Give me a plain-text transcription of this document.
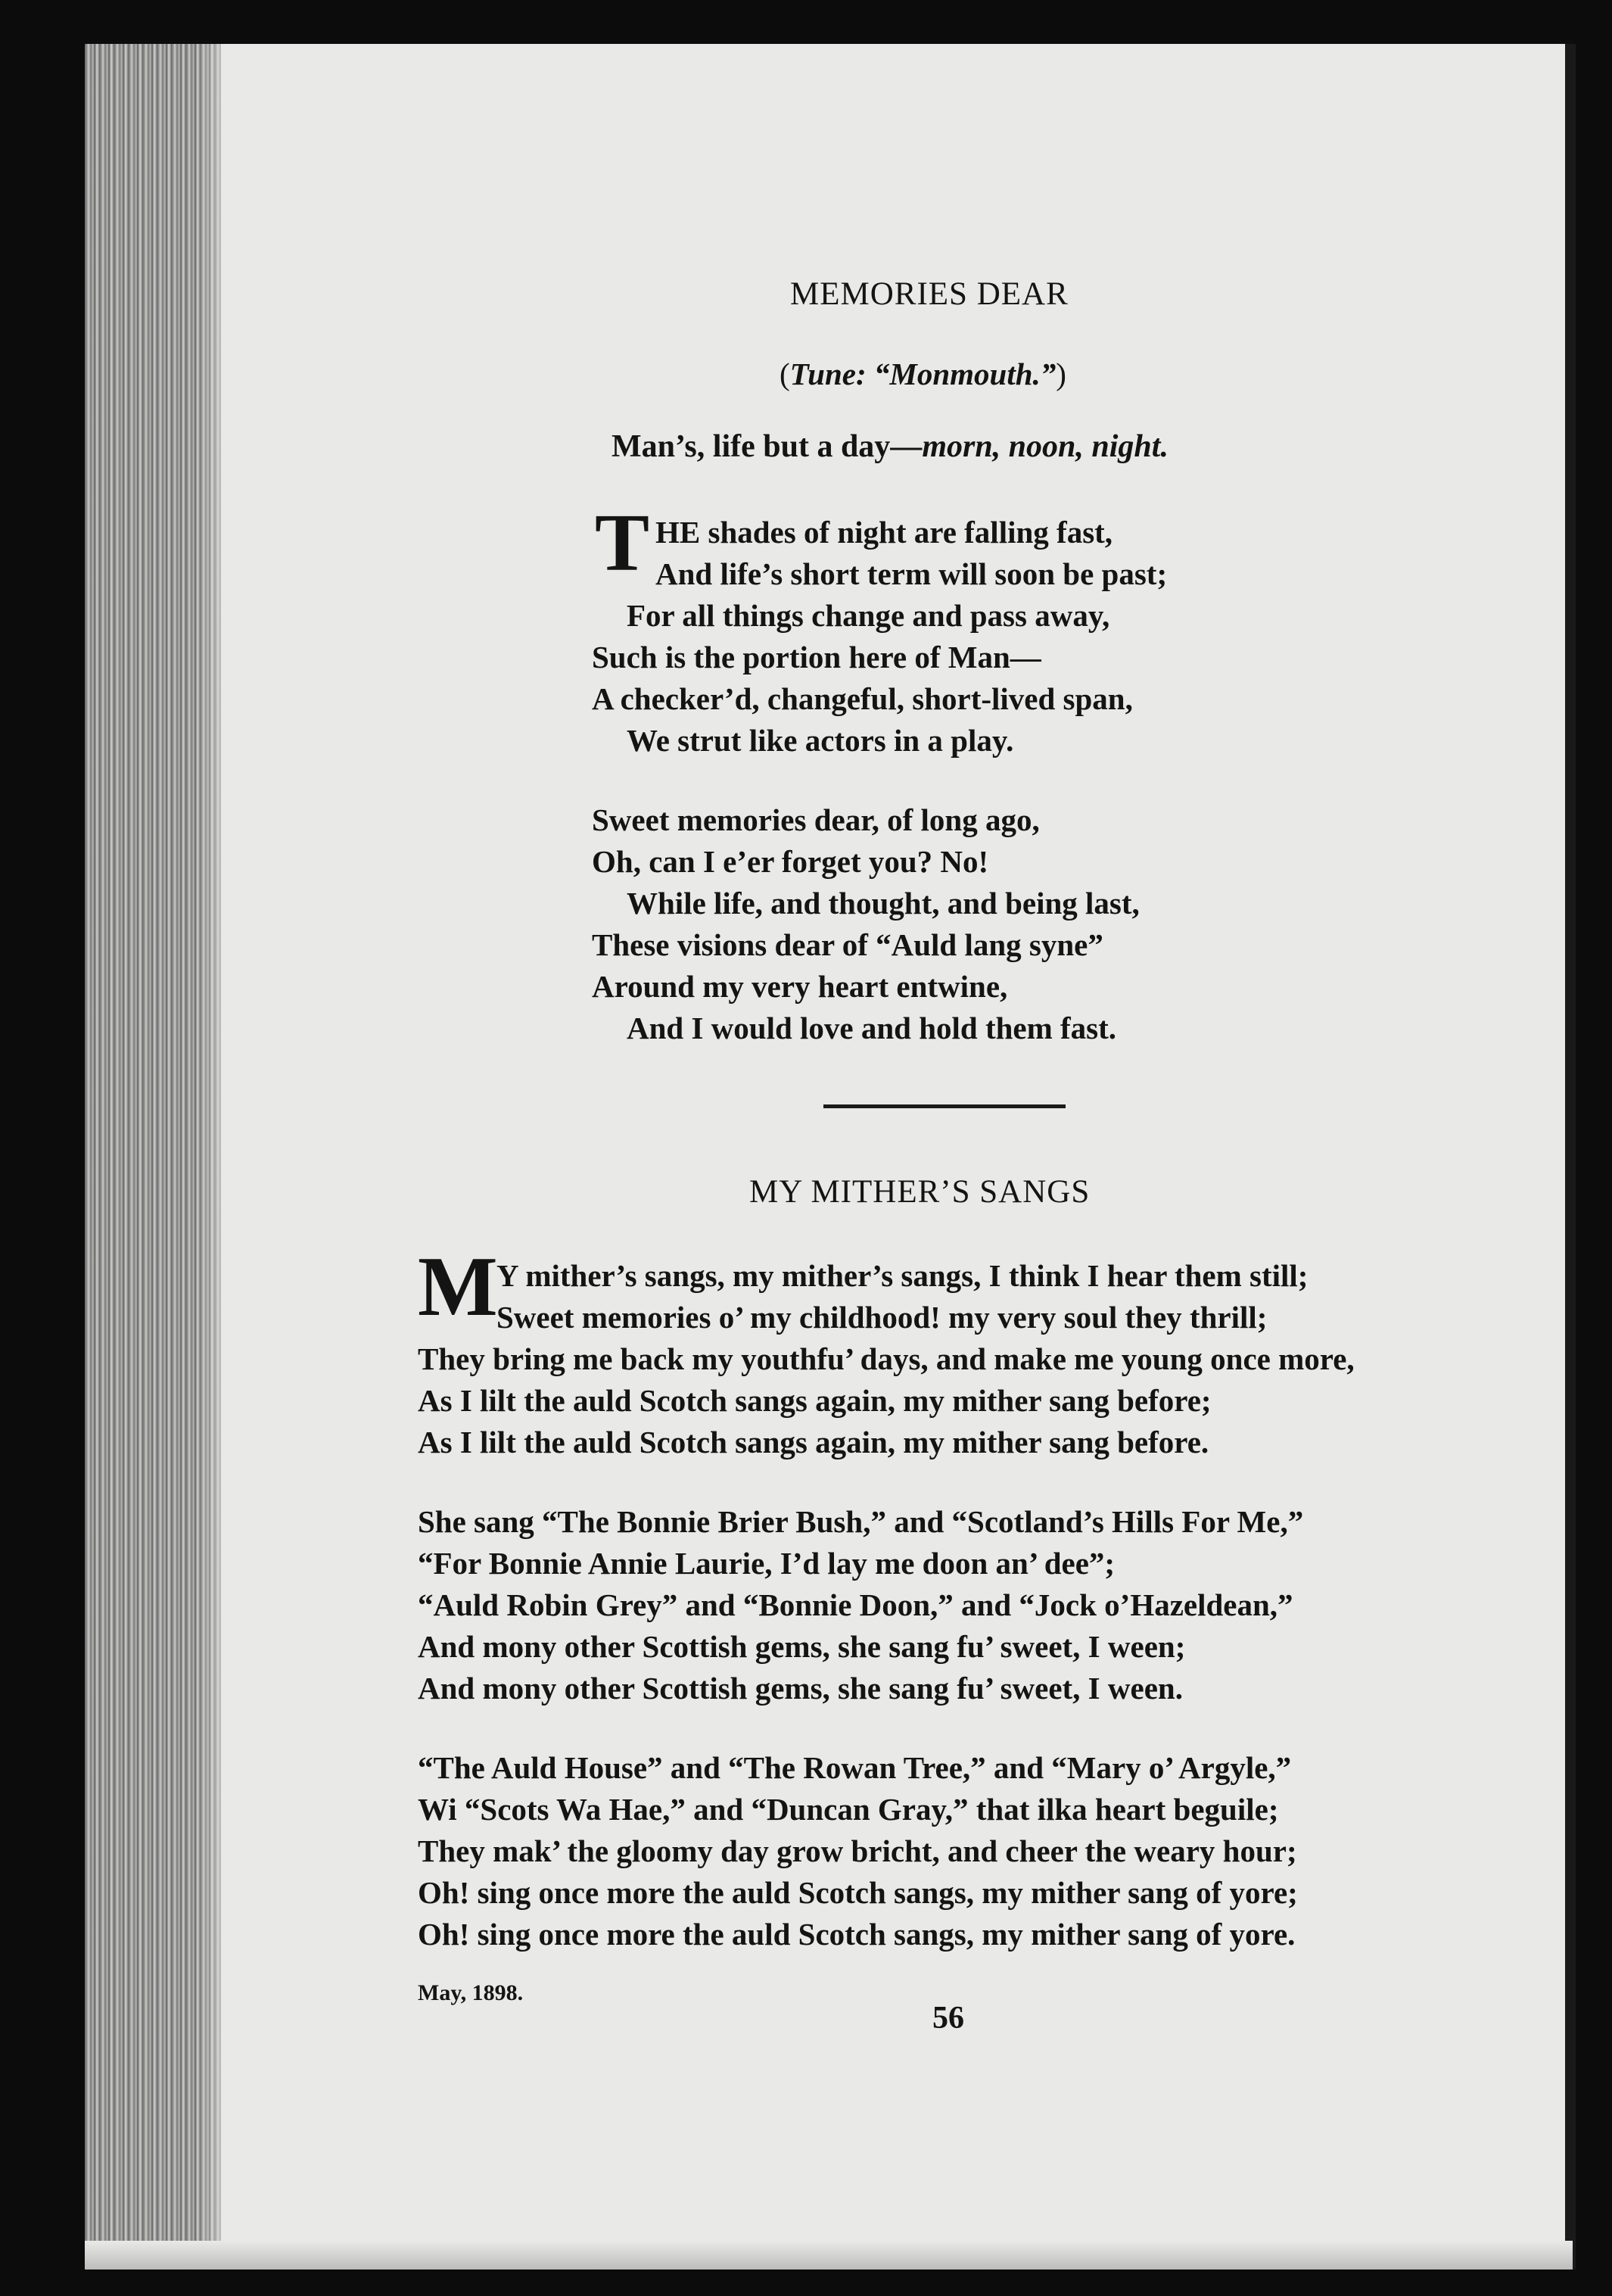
MEMORIES DEAR
(Tune: “Monmouth.”)
Man’s, life but a day—morn, noon, night.
T HE shades of night are falling fast,
And life’s short term will soon be past;
For all things change and pass away,
Such is the portion here of Man—
A checker’d, changeful, short-lived span,
We strut like actors in a play.
Sweet memories dear, of long ago,
Oh, can I e’er forget you? No!
While life, and thought, and being last,
These visions dear of “Auld lang syne”
Around my very heart entwine,
And I would love and hold them fast.
MY MITHER’S SANGS
M
Y mither’s sangs, my mither’s sangs, I think I hear them still;
Sweet memories o’ my childhood! my very soul they thrill;
They bring me back my youthfu’ days, and make me young once more,
As I lilt the auld Scotch sangs again, my mither sang before;
As I lilt the auld Scotch sangs again, my mither sang before.
She sang “The Bonnie Brier Bush,” and “Scotland’s Hills For Me,”
“For Bonnie Annie Laurie, I’d lay me doon an’ dee”;
“Auld Robin Grey” and “Bonnie Doon,” and “Jock o’Hazeldean,”
And mony other Scottish gems, she sang fu’ sweet, I ween;
And mony other Scottish gems, she sang fu’ sweet, I ween.
“The Auld House” and “The Rowan Tree,” and “Mary o’ Argyle,”
Wi “Scots Wa Hae,” and “Duncan Gray,” that ilka heart beguile;
They mak’ the gloomy day grow bricht, and cheer the weary hour;
Oh! sing once more the auld Scotch sangs, my mither sang of yore;
Oh! sing once more the auld Scotch sangs, my mither sang of yore.
May, 1898.
56
